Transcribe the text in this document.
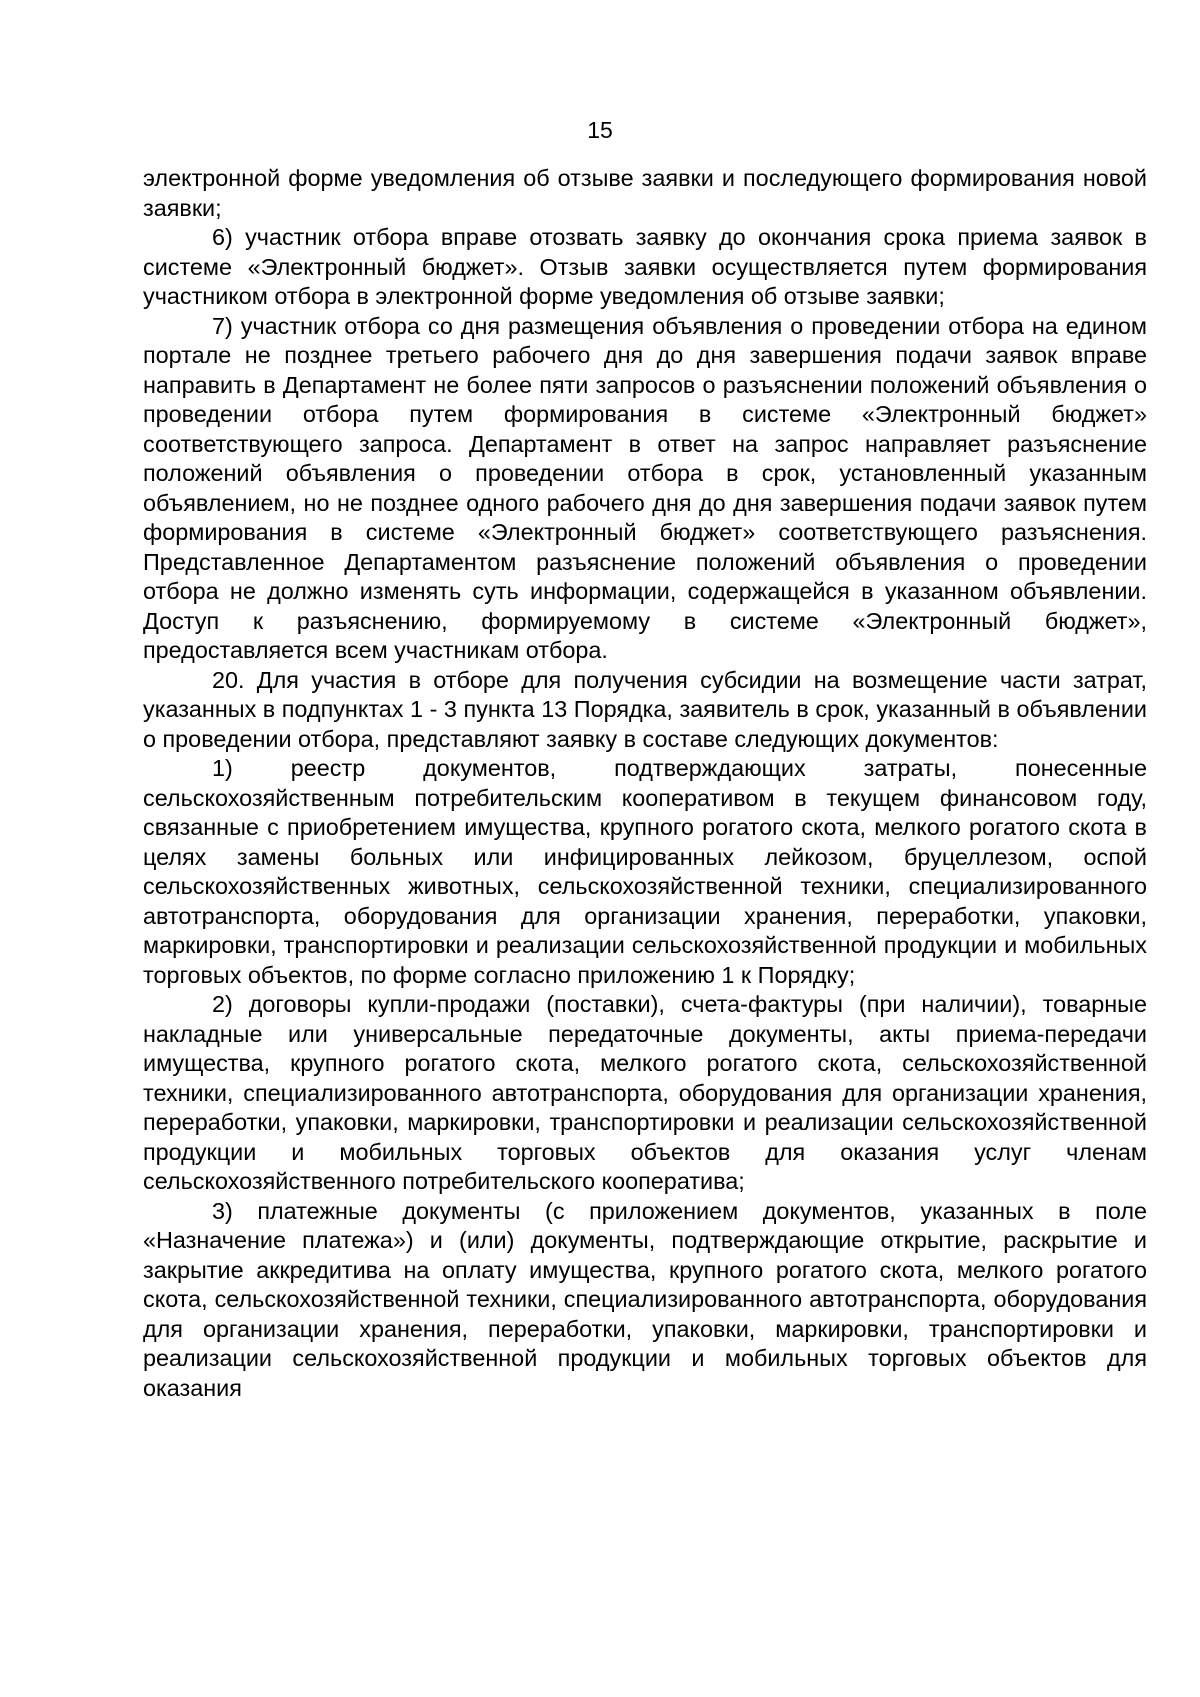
15

электронной форме уведомления об отзыве заявки и последующего формирования новой заявки;

6) участник отбора вправе отозвать заявку до окончания срока приема заявок в системе «Электронный бюджет». Отзыв заявки осуществляется путем формирования участником отбора в электронной форме уведомления об отзыве заявки;

7) участник отбора со дня размещения объявления о проведении отбора на едином портале не позднее третьего рабочего дня до дня завершения подачи заявок вправе направить в Департамент не более пяти запросов о разъяснении положений объявления о проведении отбора путем формирования в системе «Электронный бюджет» соответствующего запроса. Департамент в ответ на запрос направляет разъяснение положений объявления о проведении отбора в срок, установленный указанным объявлением, но не позднее одного рабочего дня до дня завершения подачи заявок путем формирования в системе «Электронный бюджет» соответствующего разъяснения. Представленное Департаментом разъяснение положений объявления о проведении отбора не должно изменять суть информации, содержащейся в указанном объявлении. Доступ к разъяснению, формируемому в системе «Электронный бюджет», предоставляется всем участникам отбора.

20. Для участия в отборе для получения субсидии на возмещение части затрат, указанных в подпунктах 1 - 3 пункта 13 Порядка, заявитель в срок, указанный в объявлении о проведении отбора, представляют заявку в составе следующих документов:

1) реестр документов, подтверждающих затраты, понесенные сельскохозяйственным потребительским кооперативом в текущем финансовом году, связанные с приобретением имущества, крупного рогатого скота, мелкого рогатого скота в целях замены больных или инфицированных лейкозом, бруцеллезом, оспой сельскохозяйственных животных, сельскохозяйственной техники, специализированного автотранспорта, оборудования для организации хранения, переработки, упаковки, маркировки, транспортировки и реализации сельскохозяйственной продукции и мобильных торговых объектов, по форме согласно приложению 1 к Порядку;

2) договоры купли-продажи (поставки), счета-фактуры (при наличии), товарные накладные или универсальные передаточные документы, акты приема-передачи имущества, крупного рогатого скота, мелкого рогатого скота, сельскохозяйственной техники, специализированного автотранспорта, оборудования для организации хранения, переработки, упаковки, маркировки, транспортировки и реализации сельскохозяйственной продукции и мобильных торговых объектов для оказания услуг членам сельскохозяйственного потребительского кооператива;

3) платежные документы (с приложением документов, указанных в поле «Назначение платежа») и (или) документы, подтверждающие открытие, раскрытие и закрытие аккредитива на оплату имущества, крупного рогатого скота, мелкого рогатого скота, сельскохозяйственной техники, специализированного автотранспорта, оборудования для организации хранения, переработки, упаковки, маркировки, транспортировки и реализации сельскохозяйственной продукции и мобильных торговых объектов для оказания
